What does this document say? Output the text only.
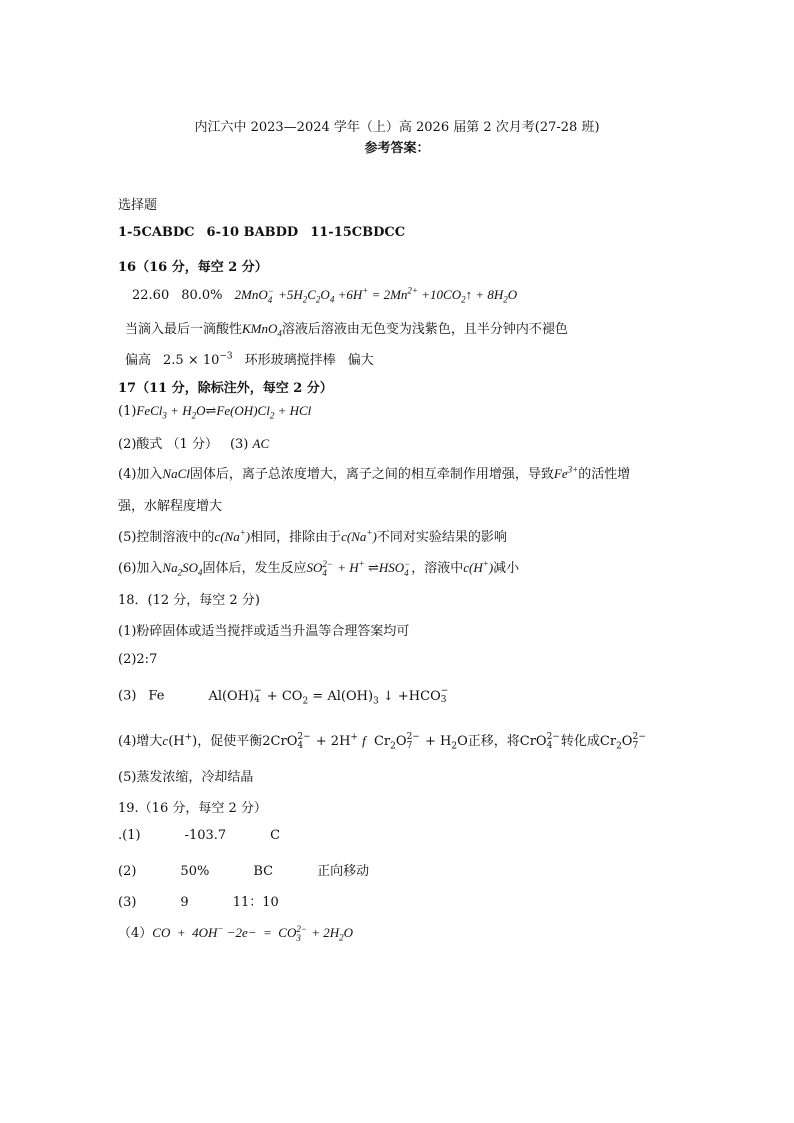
内江六中 2023—2024 学年（上）高 2026 届第 2 次月考(27-28 班)
参考答案：
选择题
1-5CABDC 6-10 BABDD 11-15CBDCC
16（16 分，每空 2 分）
22.60 80.0% 2MnO −
$4 +5H_2C_2O_4 +6H^+ = 2Mn^{2+}$ $+10CO_2↑ + 8H_2O$
当滴入最后一滴酸性KMnO$_4$溶液后溶液由无色变为浅紫色，且半分钟内不褪色
偏高 $2.5 \times 10^{-3}$ 环形玻璃搅拌棒 偏大
17（11 分，除标注外，每空 2 分）
(1)FeCl$_3$ + $H_2O\rightleftharpoons Fe(OH)Cl_2$ + HCl
(2)酸式 （1 分） (3) AC
(4)加入NaCl固体后，离子总浓度增大，离子之间的相互牵制作用增强，导致$Fe^{3+}$的活性增
强，水解程度增大
(5)控制溶液中的c(Na+)相同，排除由于c(Na+)不同对实验结果的影响
(6)加入$Na_2SO_4$固体后，发生反应SO 2−
4 + H+ ⇌HSO −
4 ，溶液中c(H+)减小
18．(12 分，每空 2 分)
(1)粉碎固体或适当搅拌或适当升温等合理答案均可
(2)2:7
(3) Fe	Al(OH) −
$4 + CO_2 = Al(OH)_3$ ↓ +HCO −
3
(4)增大c(H+)，促使平衡2CrO 2−
4 + 2H+ f  $Cr_2O$ 2−
$7 + H_2O$正移，将CrO 2−
4 转化成$Cr_2O$ 2−
7
(5)蒸发浓缩，冷却结晶
19.（16 分，每空 2 分）
.(1)	-103.7	C
(2)	50%	BC	正向移动
(3)	9	11：10
（4）CO  +  4OH− −2e−  =  CO 2−
$3 + 2H_2O$
